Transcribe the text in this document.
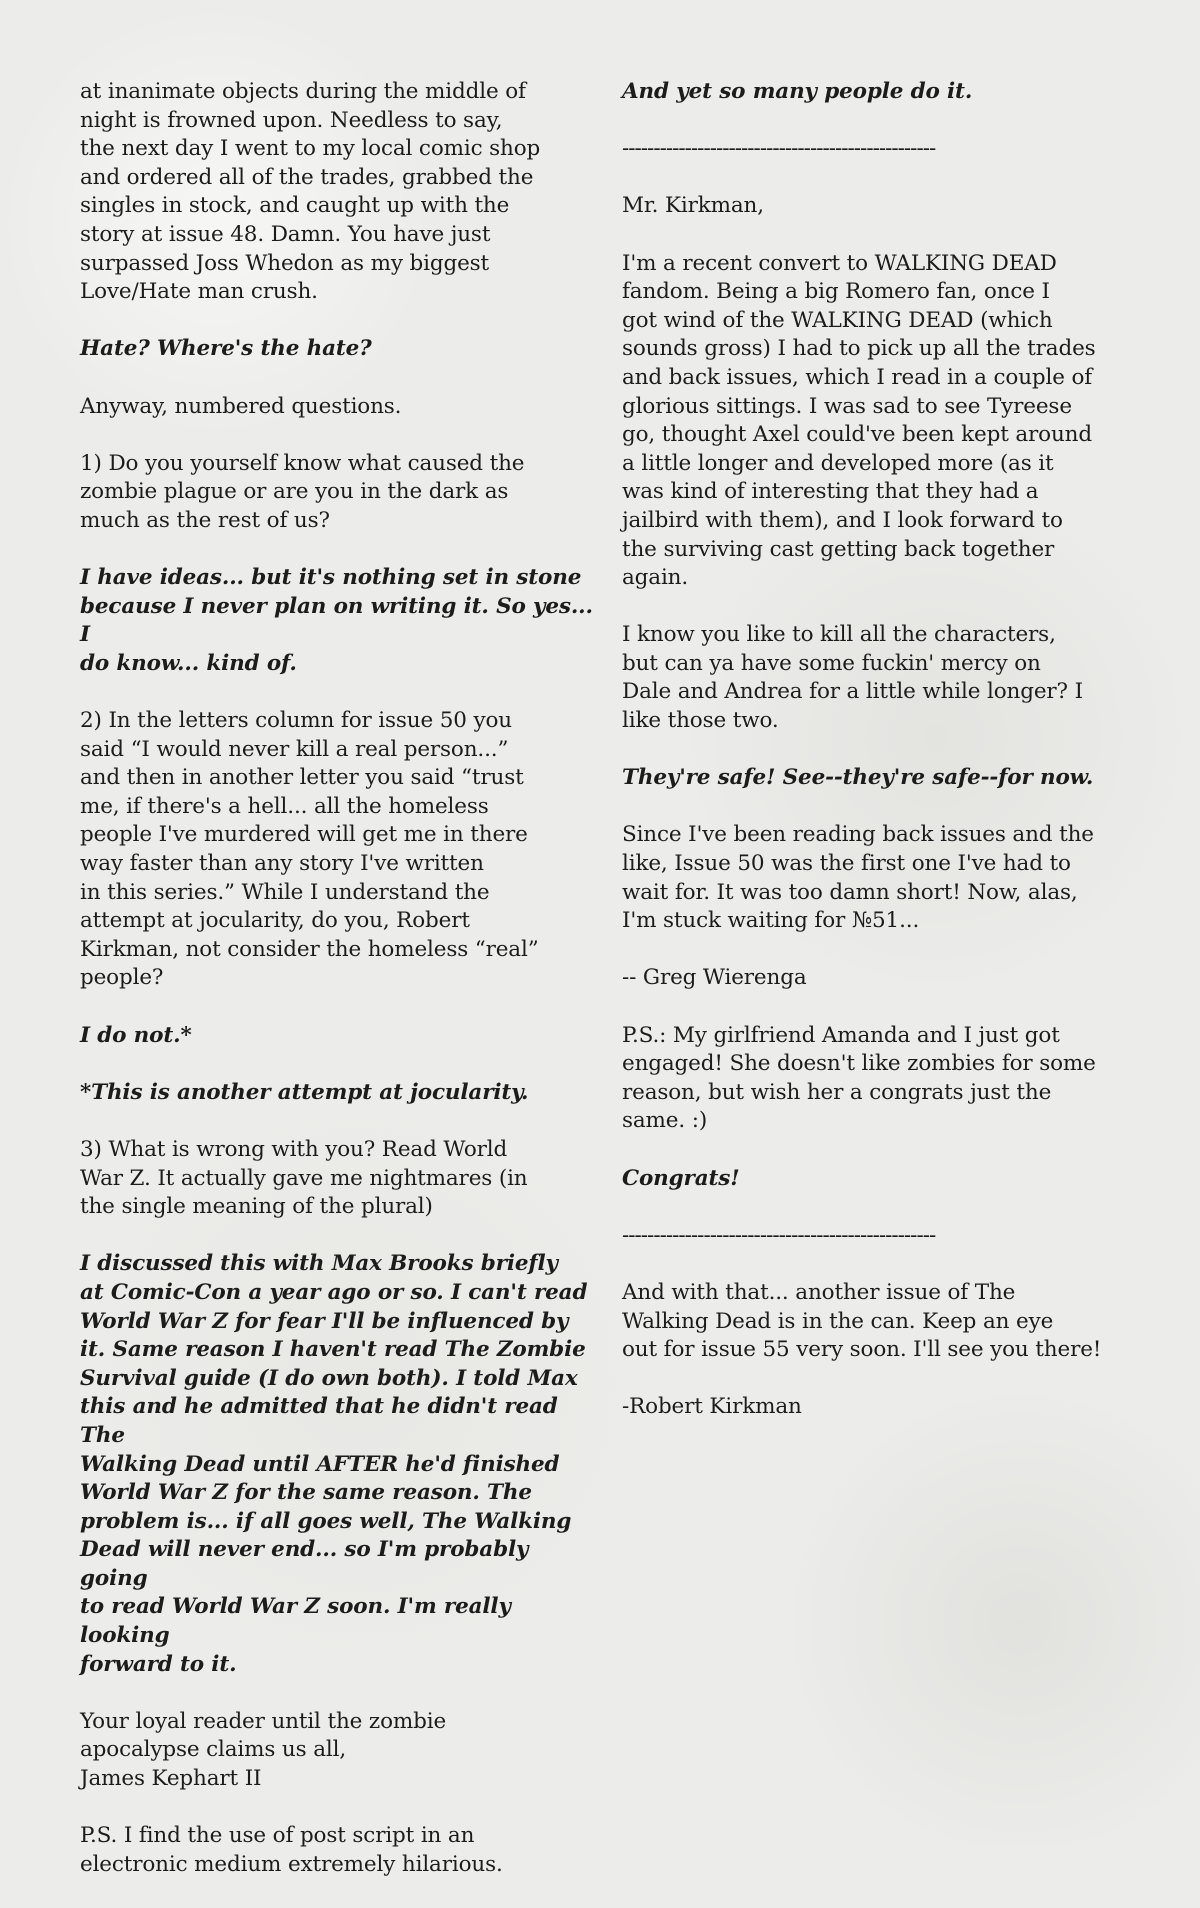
at inanimate objects during the middle of
night is frowned upon. Needless to say,
the next day I went to my local comic shop
and ordered all of the trades, grabbed the
singles in stock, and caught up with the
story at issue 48. Damn. You have just
surpassed Joss Whedon as my biggest
Love/Hate man crush.

Hate? Where's the hate?

Anyway, numbered questions.

1) Do you yourself know what caused the
zombie plague or are you in the dark as
much as the rest of us?

I have ideas... but it's nothing set in stone
because I never plan on writing it. So yes... I
do know... kind of.

2) In the letters column for issue 50 you
said “I would never kill a real person...”
and then in another letter you said “trust
me, if there's a hell... all the homeless
people I've murdered will get me in there
way faster than any story I've written
in this series.” While I understand the
attempt at jocularity, do you, Robert
Kirkman, not consider the homeless “real”
people?

I do not.*

*This is another attempt at jocularity.

3) What is wrong with you? Read World
War Z. It actually gave me nightmares (in
the single meaning of the plural)

I discussed this with Max Brooks briefly
at Comic-Con a year ago or so. I can't read
World War Z for fear I'll be influenced by
it. Same reason I haven't read The Zombie
Survival guide (I do own both). I told Max
this and he admitted that he didn't read The
Walking Dead until AFTER he'd finished
World War Z for the same reason. The
problem is... if all goes well, The Walking
Dead will never end... so I'm probably going
to read World War Z soon. I'm really looking
forward to it.

Your loyal reader until the zombie
apocalypse claims us all,
James Kephart II

P.S. I find the use of post script in an
electronic medium extremely hilarious.

And yet so many people do it.

--------------------------------------------------

Mr. Kirkman,

I'm a recent convert to WALKING DEAD
fandom. Being a big Romero fan, once I
got wind of the WALKING DEAD (which
sounds gross) I had to pick up all the trades
and back issues, which I read in a couple of
glorious sittings. I was sad to see Tyreese
go, thought Axel could've been kept around
a little longer and developed more (as it
was kind of interesting that they had a
jailbird with them), and I look forward to
the surviving cast getting back together
again.

I know you like to kill all the characters,
but can ya have some fuckin' mercy on
Dale and Andrea for a little while longer? I
like those two.

They're safe! See--they're safe--for now.

Since I've been reading back issues and the
like, Issue 50 was the first one I've had to
wait for. It was too damn short! Now, alas,
I'm stuck waiting for №51...

-- Greg Wierenga

P.S.: My girlfriend Amanda and I just got
engaged! She doesn't like zombies for some
reason, but wish her a congrats just the
same. :)

Congrats!

--------------------------------------------------

And with that... another issue of The
Walking Dead is in the can. Keep an eye
out for issue 55 very soon. I'll see you there!

-Robert Kirkman
